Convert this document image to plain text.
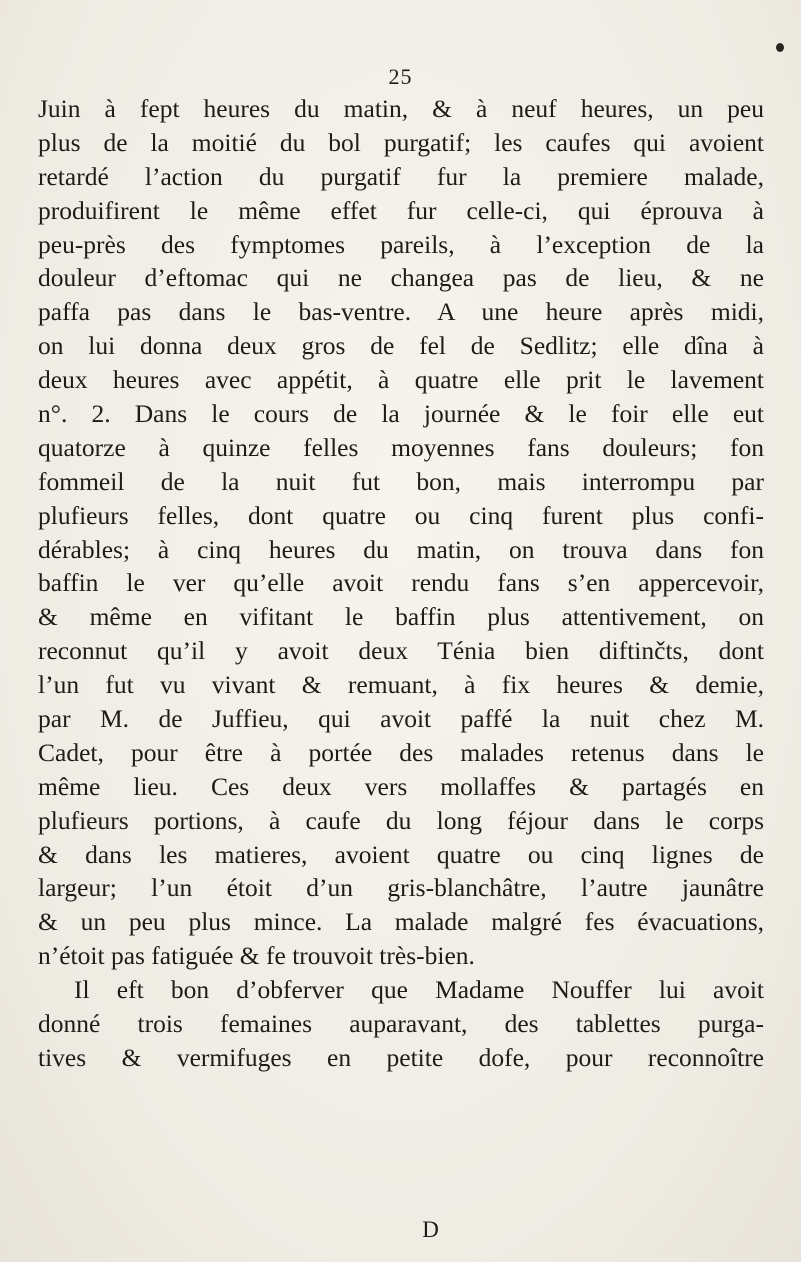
25
Juin à fept heures du matin, & à neuf heures, un peu
plus de la moitié du bol purgatif; les caufes qui avoient
retardé l’action du purgatif fur la premiere malade,
produifirent le même effet fur celle-ci, qui éprouva à
peu-près des fymptomes pareils, à l’exception de la
douleur d’eftomac qui ne changea pas de lieu, & ne
paffa pas dans le bas-ventre. A une heure après midi,
on lui donna deux gros de fel de Sedlitz; elle dîna à
deux heures avec appétit, à quatre elle prit le lavement
n°. 2. Dans le cours de la journée & le foir elle eut
quatorze à quinze felles moyennes fans douleurs; fon
fommeil de la nuit fut bon, mais interrompu par
plufieurs felles, dont quatre ou cinq furent plus confi-
dérables; à cinq heures du matin, on trouva dans fon
baffin le ver qu’elle avoit rendu fans s’en appercevoir,
& même en vifitant le baffin plus attentivement, on
reconnut qu’il y avoit deux Ténia bien diftinčts, dont
l’un fut vu vivant & remuant, à fix heures & demie,
par M. de Juffieu, qui avoit paffé la nuit chez M.
Cadet, pour être à portée des malades retenus dans le
même lieu. Ces deux vers mollaffes & partagés en
plufieurs portions, à caufe du long féjour dans le corps
& dans les matieres, avoient quatre ou cinq lignes de
largeur; l’un étoit d’un gris-blanchâtre, l’autre jaunâtre
& un peu plus mince. La malade malgré fes évacuations,
n’étoit pas fatiguée & fe trouvoit très-bien.
Il eft bon d’obferver que Madame Nouffer lui avoit
donné trois femaines auparavant, des tablettes purga-
tives & vermifuges en petite dofe, pour reconnoître
D
